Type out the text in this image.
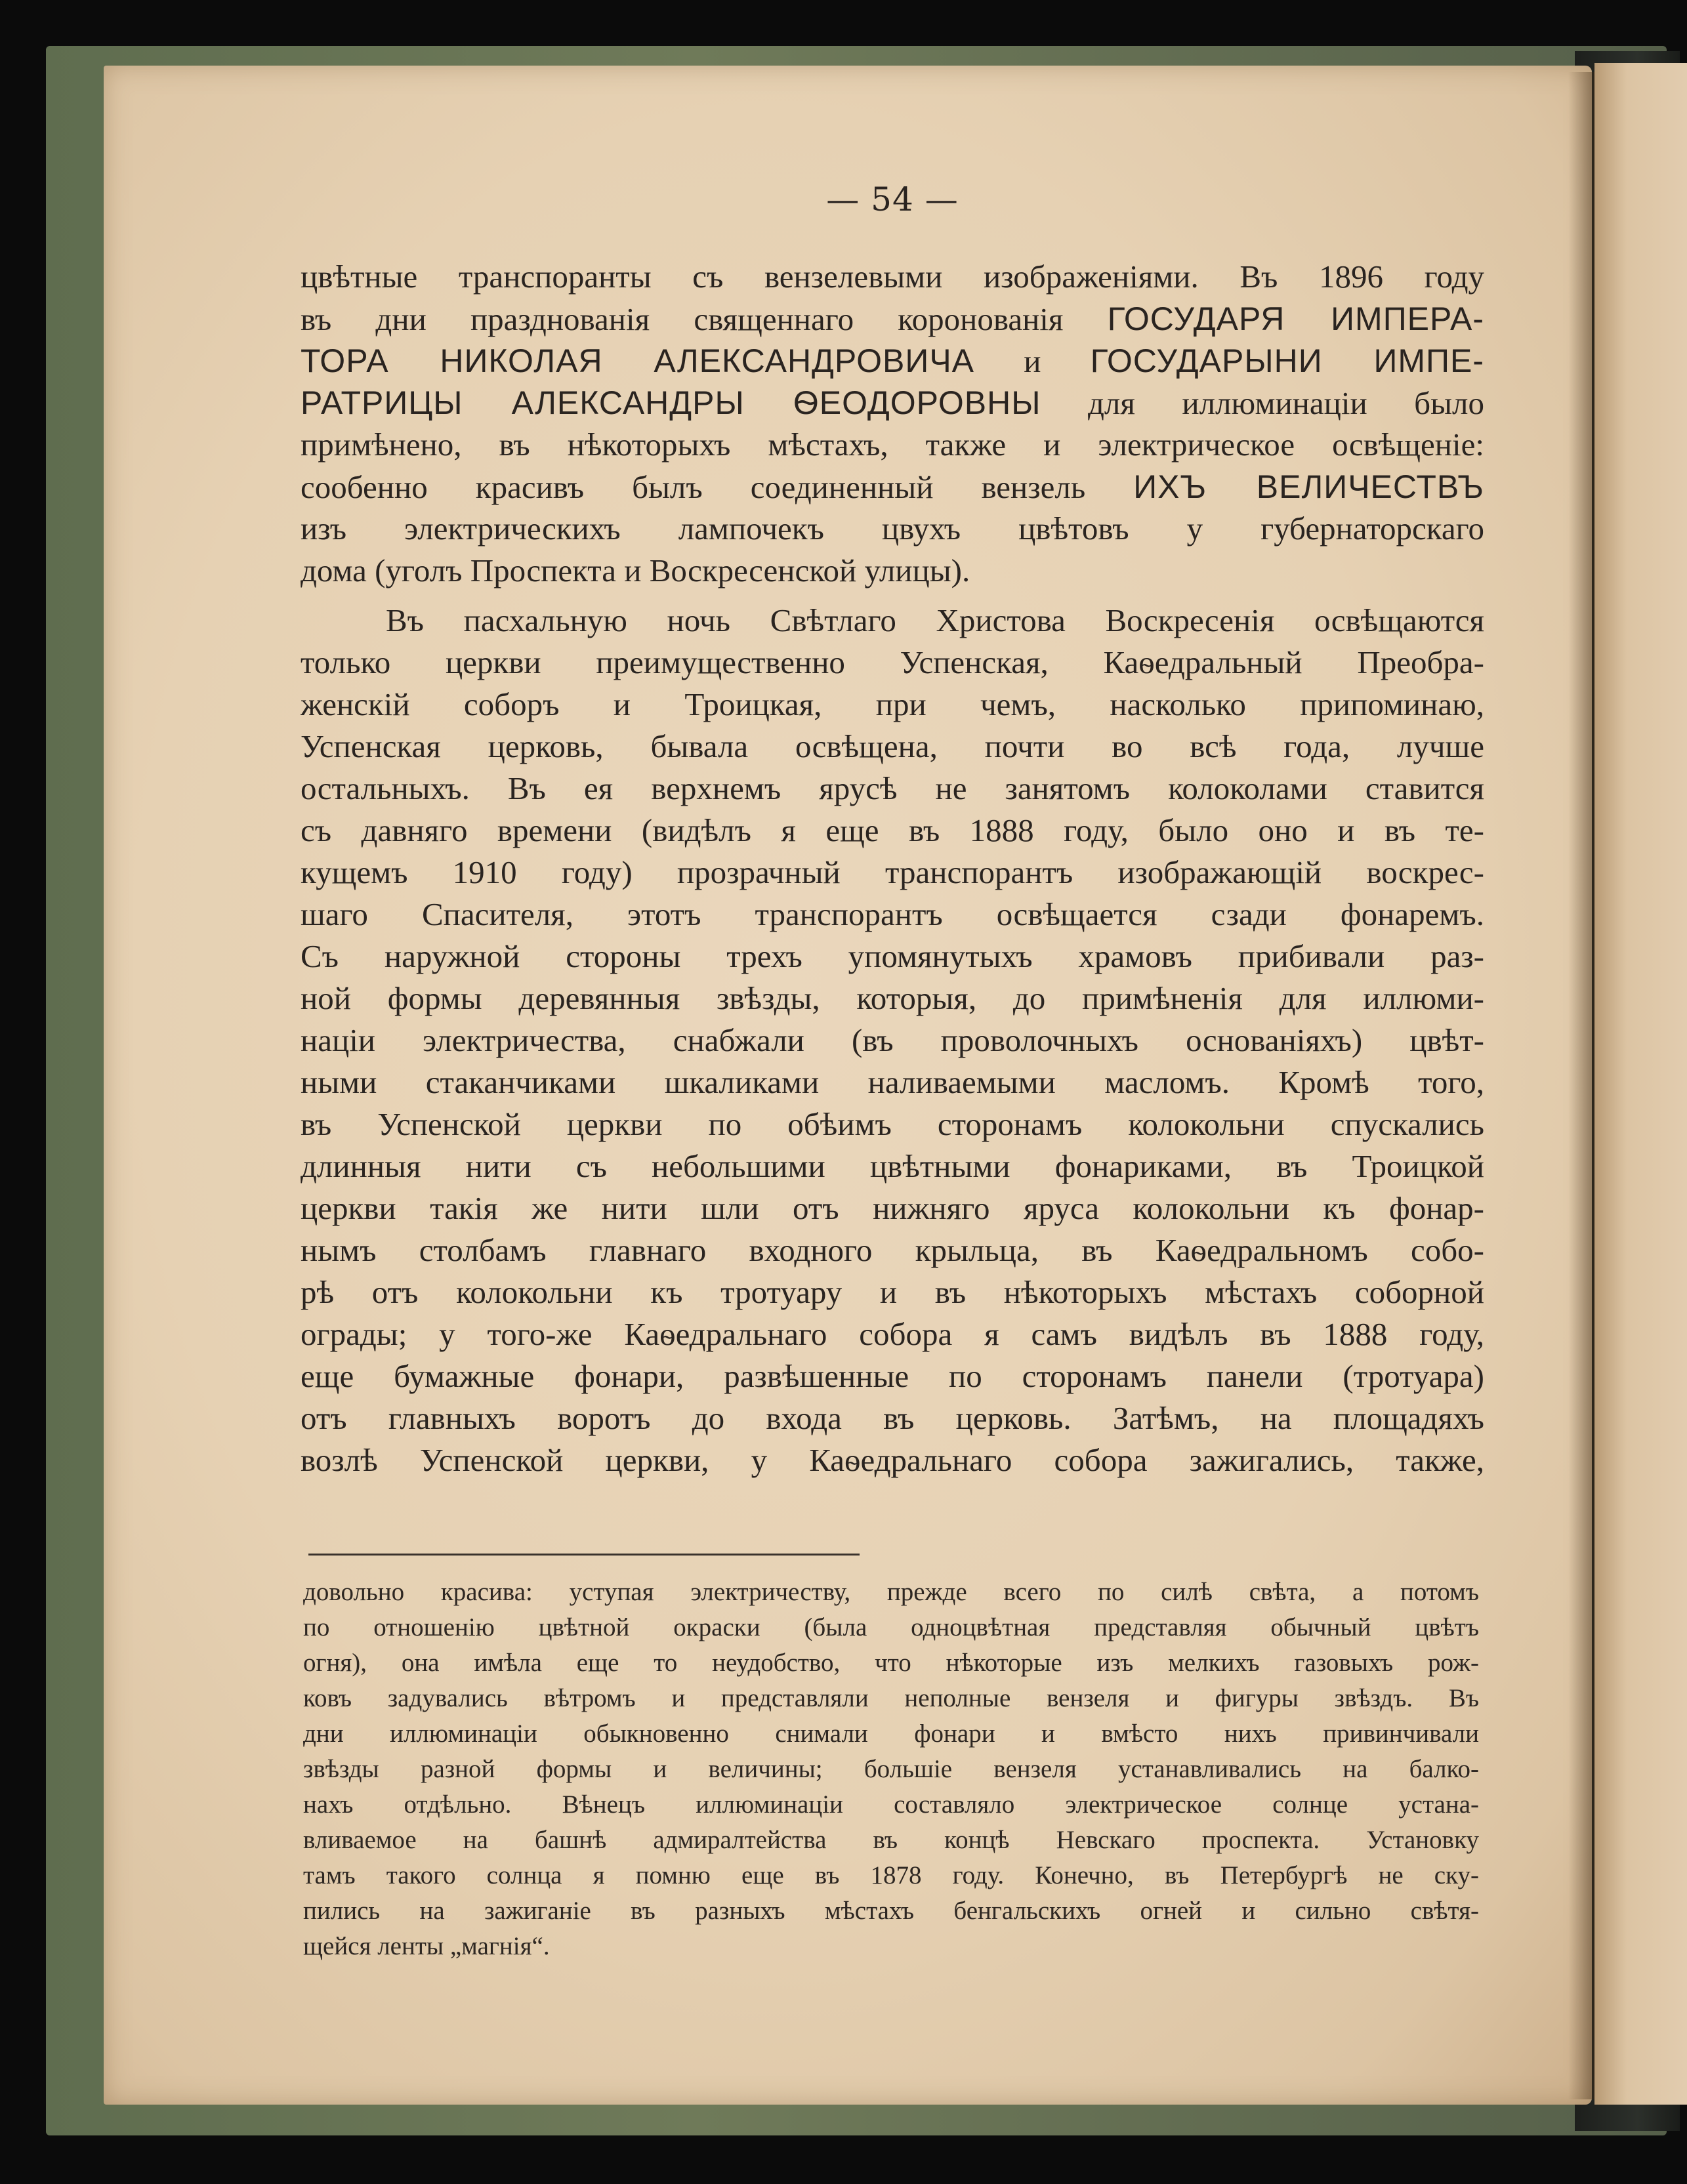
— 54 —
цвѣтные транспоранты съ вензелевыми изображеніями. Въ 1896 году
въ дни празднованія священнаго коронованія ГОСУДАРЯ ИМПЕРА-
ТОРА НИКОЛАЯ АЛЕКСАНДРОВИЧА и ГОСУДАРЫНИ ИМПЕ-
РАТРИЦЫ АЛЕКСАНДРЫ ѲЕОДОРОВНЫ для иллюминаціи было
примѣнено, въ нѣкоторыхъ мѣстахъ, также и электрическое освѣщеніе:
сообенно красивъ былъ соединенный вензель ИХЪ ВЕЛИЧЕСТВЪ
изъ электрическихъ лампочекъ цвухъ цвѣтовъ у губернаторскаго
дома (уголъ Проспекта и Воскресенской улицы).
Въ пасхальную ночь Свѣтлаго Христова Воскресенія освѣщаются
только церкви преимущественно Успенская, Каѳедральный Преобра-
женскій соборъ и Троицкая, при чемъ, насколько припоминаю,
Успенская церковь, бывала освѣщена, почти во всѣ года, лучше
остальныхъ. Въ ея верхнемъ ярусѣ не занятомъ колоколами ставится
съ давняго времени (видѣлъ я еще въ 1888 году, было оно и въ те-
кущемъ 1910 году) прозрачный транспорантъ изображающій воскрес-
шаго Спасителя, этотъ транспорантъ освѣщается сзади фонаремъ.
Съ наружной стороны трехъ упомянутыхъ храмовъ прибивали раз-
ной формы деревянныя звѣзды, которыя, до примѣненія для иллюми-
націи электричества, снабжали (въ проволочныхъ основаніяхъ) цвѣт-
ными стаканчиками шкаликами наливаемыми масломъ. Кромѣ того,
въ Успенской церкви по обѣимъ сторонамъ колокольни спускались
длинныя нити съ небольшими цвѣтными фонариками, въ Троицкой
церкви такія же нити шли отъ нижняго яруса колокольни къ фонар-
нымъ столбамъ главнаго входного крыльца, въ Каѳедральномъ собо-
рѣ отъ колокольни къ тротуару и въ нѣкоторыхъ мѣстахъ соборной
ограды; у того-же Каѳедральнаго собора я самъ видѣлъ въ 1888 году,
еще бумажные фонари, развѣшенные по сторонамъ панели (тротуара)
отъ главныхъ воротъ до входа въ церковь. Затѣмъ, на площадяхъ
возлѣ Успенской церкви, у Каѳедральнаго собора зажигались, также,
довольно красива: уступая электричеству, прежде всего по силѣ свѣта, а потомъ
по отношенію цвѣтной окраски (была одноцвѣтная представляя обычный цвѣтъ
огня), она имѣла еще то неудобство, что нѣкоторые изъ мелкихъ газовыхъ рож-
ковъ задувались вѣтромъ и представляли неполные вензеля и фигуры звѣздъ. Въ
дни иллюминаціи обыкновенно снимали фонари и вмѣсто нихъ привинчивали
звѣзды разной формы и величины; большіе вензеля устанавливались на балко-
нахъ отдѣльно. Вѣнецъ иллюминаціи составляло электрическое солнце устана-
вливаемое на башнѣ адмиралтейства въ концѣ Невскаго проспекта. Установку
тамъ такого солнца я помню еще въ 1878 году. Конечно, въ Петербургѣ не ску-
пились на зажиганіе въ разныхъ мѣстахъ бенгальскихъ огней и сильно свѣтя-
щейся ленты „магнія“.
